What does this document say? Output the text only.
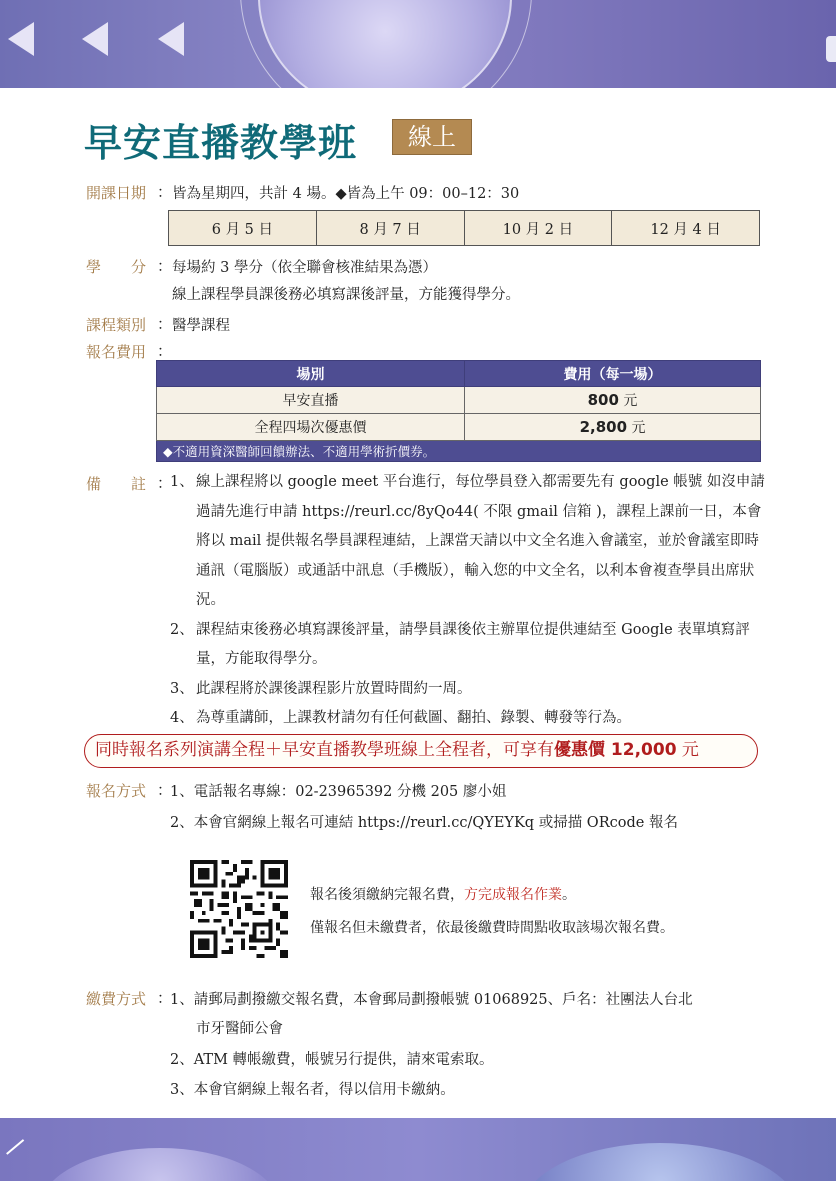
早安直播教學班	線上
開課日期 ： 皆為星期四，共計 4 場。◆皆為上午 09：00–12：30
6 月 5 日	8 月 7 日	10 月 2 日	12 月 4 日
學　　分 ： 每場約 3 學分（依全聯會核准結果為憑）
線上課程學員課後務必填寫課後評量，方能獲得學分。
課程類別 ： 醫學課程
報名費用 ：
場別	費用（每一場）
早安直播	800 元
全程四場次優惠價	2,800 元
◆不適用資深醫師回饋辦法、不適用學術折價券。	
備　　註 ：
1、 線上課程將以 google meet 平台進行，每位學員登入都需要先有 google 帳號 如沒申請過請先進行申請 https://reurl.cc/8yQo44( 不限 gmail 信箱 )，課程上課前一日，本會將以 mail 提供報名學員課程連結，上課當天請以中文全名進入會議室，並於會議室即時通訊（電腦版）或通話中訊息（手機版），輸入您的中文全名，以利本會複查學員出席狀況。
2、 課程結束後務必填寫課後評量，請學員課後依主辦單位提供連結至 Google 表單填寫評量，方能取得學分。
3、 此課程將於課後課程影片放置時間約一周。
4、 為尊重講師，上課教材請勿有任何截圖、翻拍、錄製、轉發等行為。
同時報名系列演講全程＋早安直播教學班線上全程者，可享有優惠價 12,000 元
報名方式 ：
1、電話報名專線：02-23965392 分機 205 廖小姐
2、本會官網線上報名可連結 https://reurl.cc/QYEYKq 或掃描 ORcode 報名
報名後須繳納完報名費，方完成報名作業。
僅報名但未繳費者，依最後繳費時間點收取該場次報名費。
繳費方式 ：
1、請郵局劃撥繳交報名費，本會郵局劃撥帳號 01068925、戶名：社團法人台北
市牙醫師公會
2、ATM 轉帳繳費，帳號另行提供，請來電索取。
3、本會官網線上報名者，得以信用卡繳納。
